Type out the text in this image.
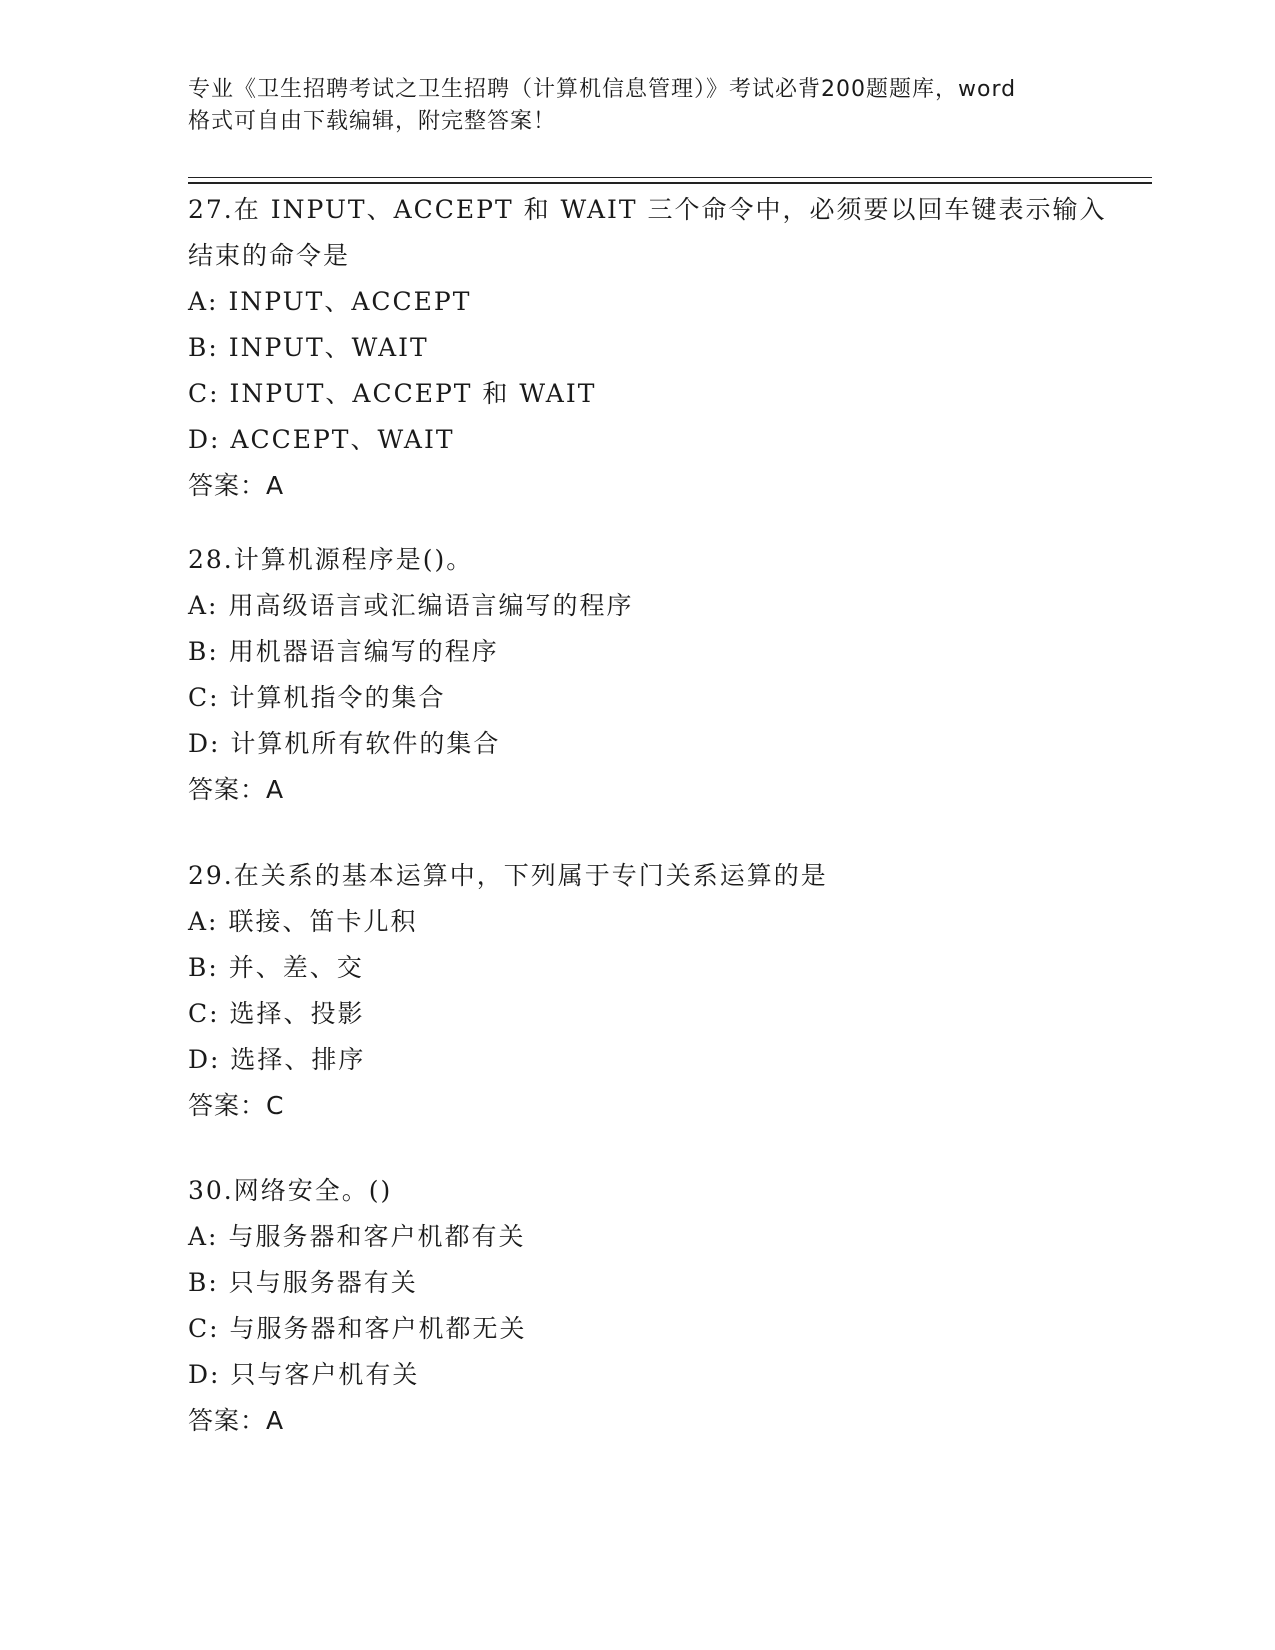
专业《卫生招聘考试之卫生招聘（计算机信息管理）》考试必背200题题库，word
格式可自由下载编辑，附完整答案！
27.在 INPUT、ACCEPT 和 WAIT 三个命令中，必须要以回车键表示输入
结束的命令是
A: INPUT、ACCEPT
B: INPUT、WAIT
C: INPUT、ACCEPT 和 WAIT
D: ACCEPT、WAIT
答案：A
28.计算机源程序是()。
A: 用高级语言或汇编语言编写的程序
B: 用机器语言编写的程序
C: 计算机指令的集合
D: 计算机所有软件的集合
答案：A
29.在关系的基本运算中，下列属于专门关系运算的是
A: 联接、笛卡儿积
B: 并、差、交
C: 选择、投影
D: 选择、排序
答案：C
30.网络安全。()
A: 与服务器和客户机都有关
B: 只与服务器有关
C: 与服务器和客户机都无关
D: 只与客户机有关
答案：A
